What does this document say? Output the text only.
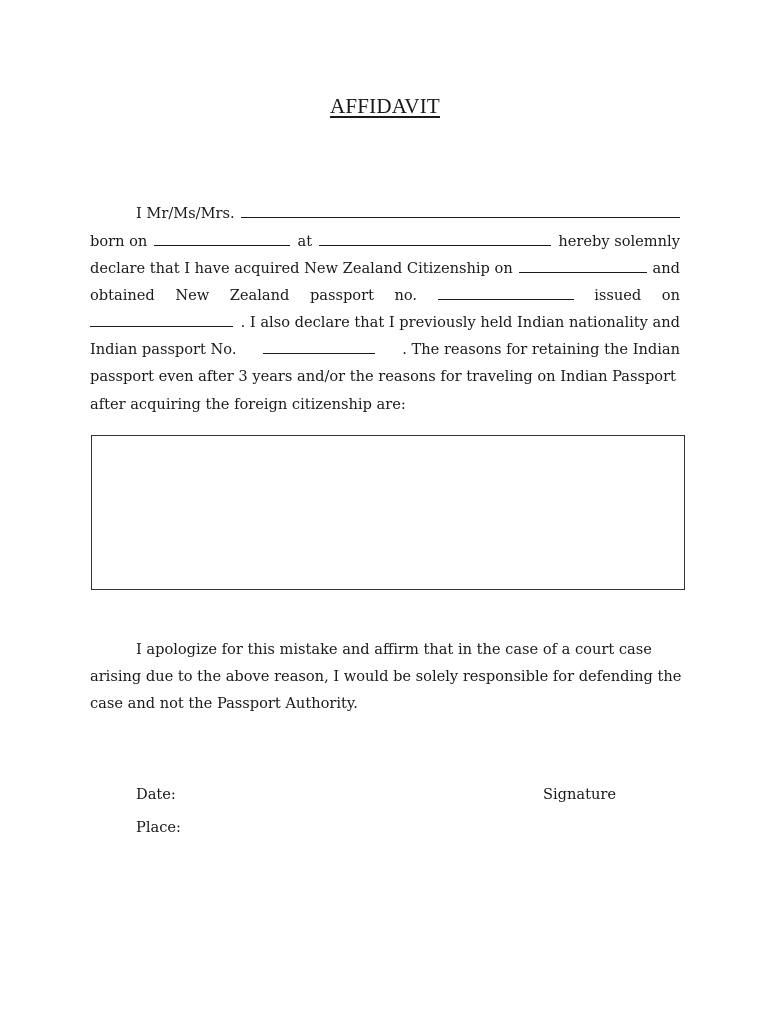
AFFIDAVIT
I Mr/Ms/Mrs.
born on	at	hereby solemnly
declare that I have acquired New Zealand Citizenship on	and
obtained New Zealand passport no.	issued on
. I also declare that I previously held Indian nationality and
Indian passport No.	. The reasons for retaining the Indian
passport even after 3 years and/or the reasons for traveling on Indian Passport
after acquiring the foreign citizenship are:
I apologize for this mistake and affirm that in the case of a court case
arising due to the above reason, I would be solely responsible for defending the
case and not the Passport Authority.
Date:
Place:
Signature
